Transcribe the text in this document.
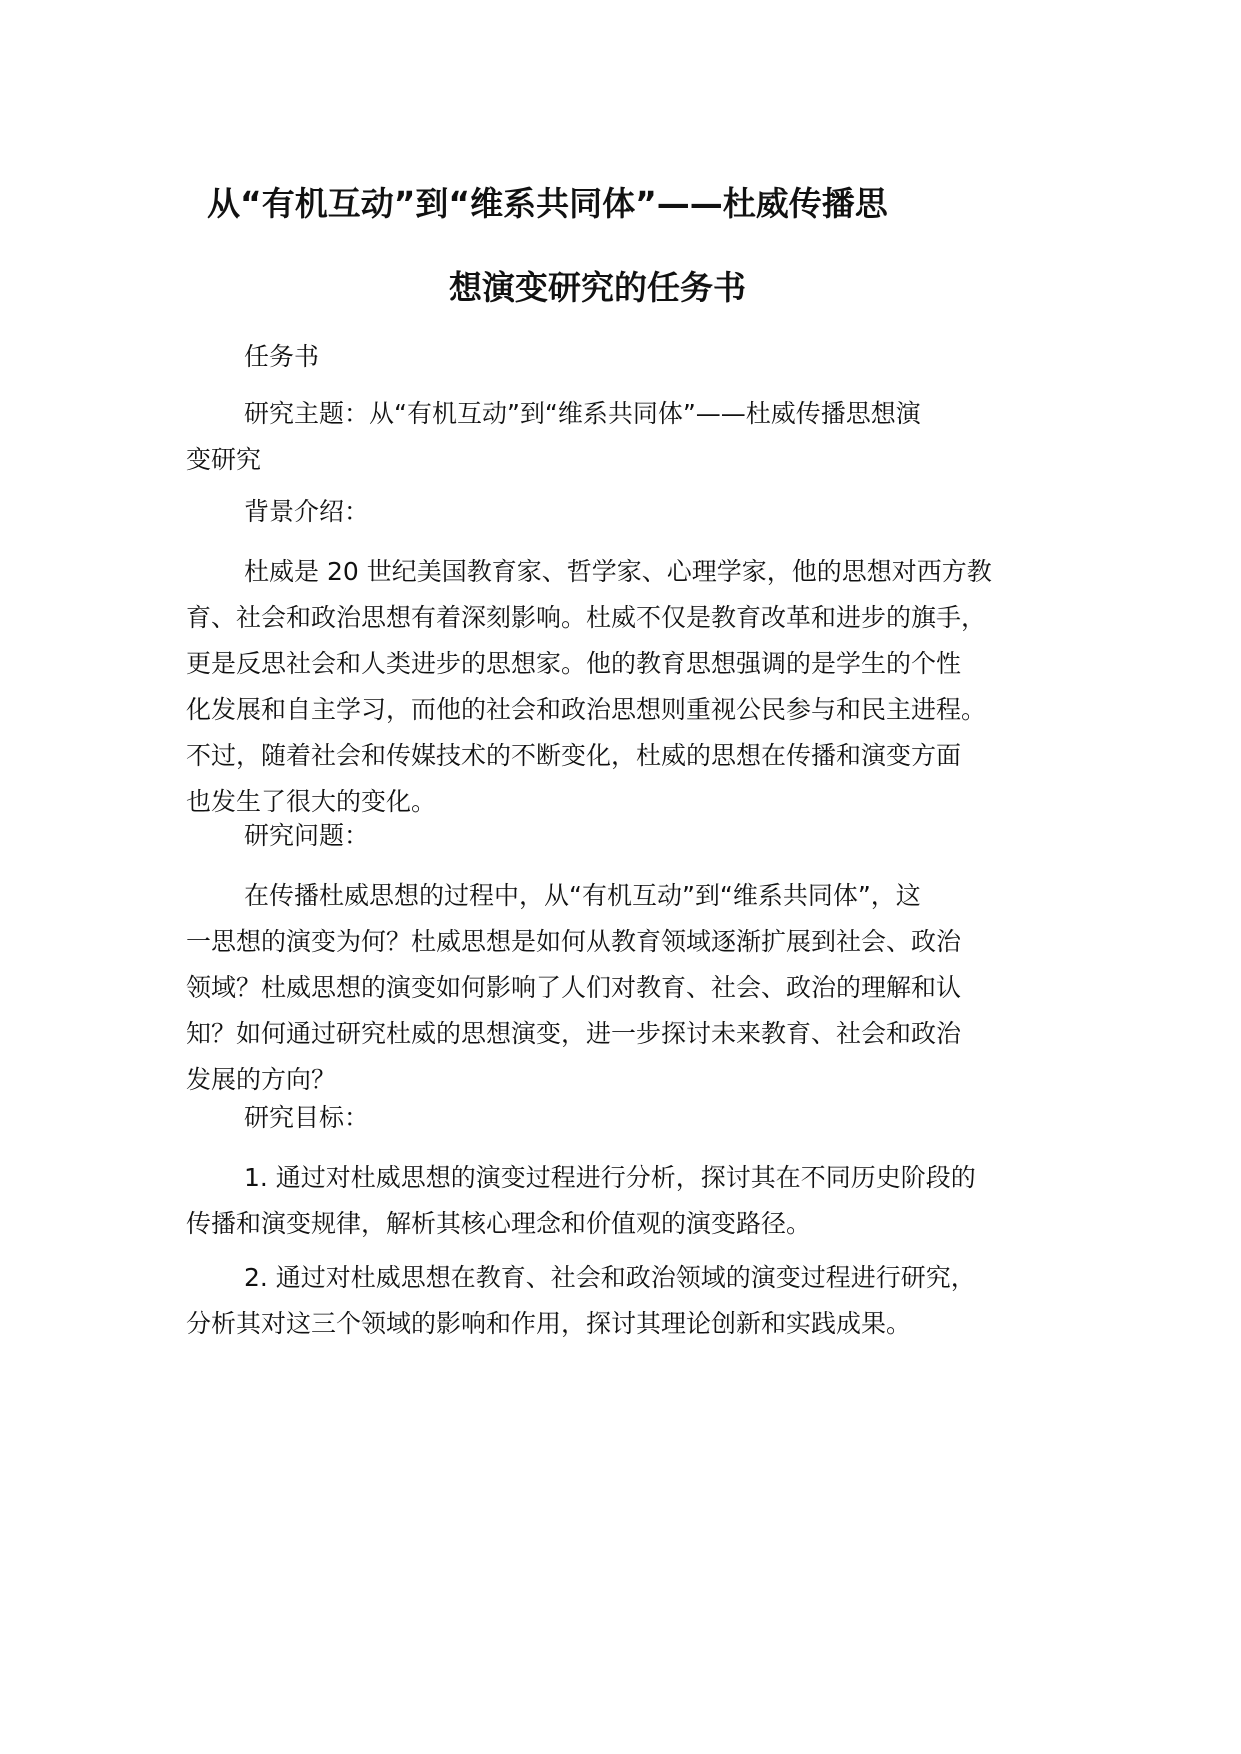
从“有机互动”到“维系共同体”——杜威传播思
想演变研究的任务书
任务书
研究主题：从“有机互动”到“维系共同体”——杜威传播思想演
变研究
背景介绍：
杜威是 20 世纪美国教育家、哲学家、心理学家，他的思想对西方教
育、社会和政治思想有着深刻影响。杜威不仅是教育改革和进步的旗手，
更是反思社会和人类进步的思想家。他的教育思想强调的是学生的个性
化发展和自主学习，而他的社会和政治思想则重视公民参与和民主进程。
不过，随着社会和传媒技术的不断变化，杜威的思想在传播和演变方面
也发生了很大的变化。
研究问题：
在传播杜威思想的过程中，从“有机互动”到“维系共同体”，这
一思想的演变为何？杜威思想是如何从教育领域逐渐扩展到社会、政治
领域？杜威思想的演变如何影响了人们对教育、社会、政治的理解和认
知？如何通过研究杜威的思想演变，进一步探讨未来教育、社会和政治
发展的方向？
研究目标：
1. 通过对杜威思想的演变过程进行分析，探讨其在不同历史阶段的
传播和演变规律，解析其核心理念和价值观的演变路径。
2. 通过对杜威思想在教育、社会和政治领域的演变过程进行研究，
分析其对这三个领域的影响和作用，探讨其理论创新和实践成果。
